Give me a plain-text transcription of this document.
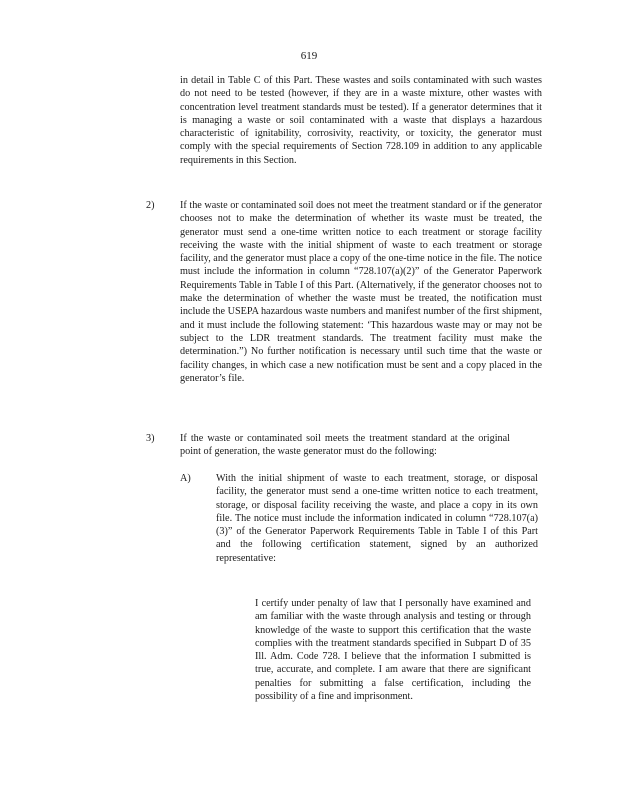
619

in detail in Table C of this Part. These wastes and soils contaminated with such wastes do not need to be tested (however, if they are in a waste mixture, other wastes with concentration level treatment standards must be tested). If a generator determines that it is managing a waste or soil contaminated with a waste that displays a hazardous characteristic of ignitability, corrosivity, reactivity, or toxicity, the generator must comply with the special requirements of Section 728.109 in addition to any applicable requirements in this Section.

2)	If the waste or contaminated soil does not meet the treatment standard or if the generator chooses not to make the determination of whether its waste must be treated, the generator must send a one-time written notice to each treatment or storage facility receiving the waste with the initial shipment of waste to each treatment or storage facility, and the generator must place a copy of the one-time notice in the file. The notice must include the information in column “728.107(a)(2)” of the Generator Paperwork Requirements Table in Table I of this Part. (Alternatively, if the generator chooses not to make the determination of whether the waste must be treated, the notification must include the USEPA hazardous waste numbers and manifest number of the first shipment, and it must include the following statement: ‘This hazardous waste may or may not be subject to the LDR treatment standards. The treatment facility must make the determination.”) No further notification is necessary until such time that the waste or facility changes, in which case a new notification must be sent and a copy placed in the generator’s file.

3)	If the waste or contaminated soil meets the treatment standard at the original point of generation, the waste generator must do the following:

A) With the initial shipment of waste to each treatment, storage, or disposal facility, the generator must send a one-time written notice to each treatment, storage, or disposal facility receiving the waste, and place a copy in its own file. The notice must include the information indicated in column “728.107(a)(3)” of the Generator Paperwork Requirements Table in Table I of this Part and the following certification statement, signed by an authorized representative:

I certify under penalty of law that I personally have examined and am familiar with the waste through analysis and testing or through knowledge of the waste to support this certification that the waste complies with the treatment standards specified in Subpart D of 35 Ill. Adm. Code 728. I believe that the information I submitted is true, accurate, and complete. I am aware that there are significant penalties for submitting a false certification, including the possibility of a fine and imprisonment.
